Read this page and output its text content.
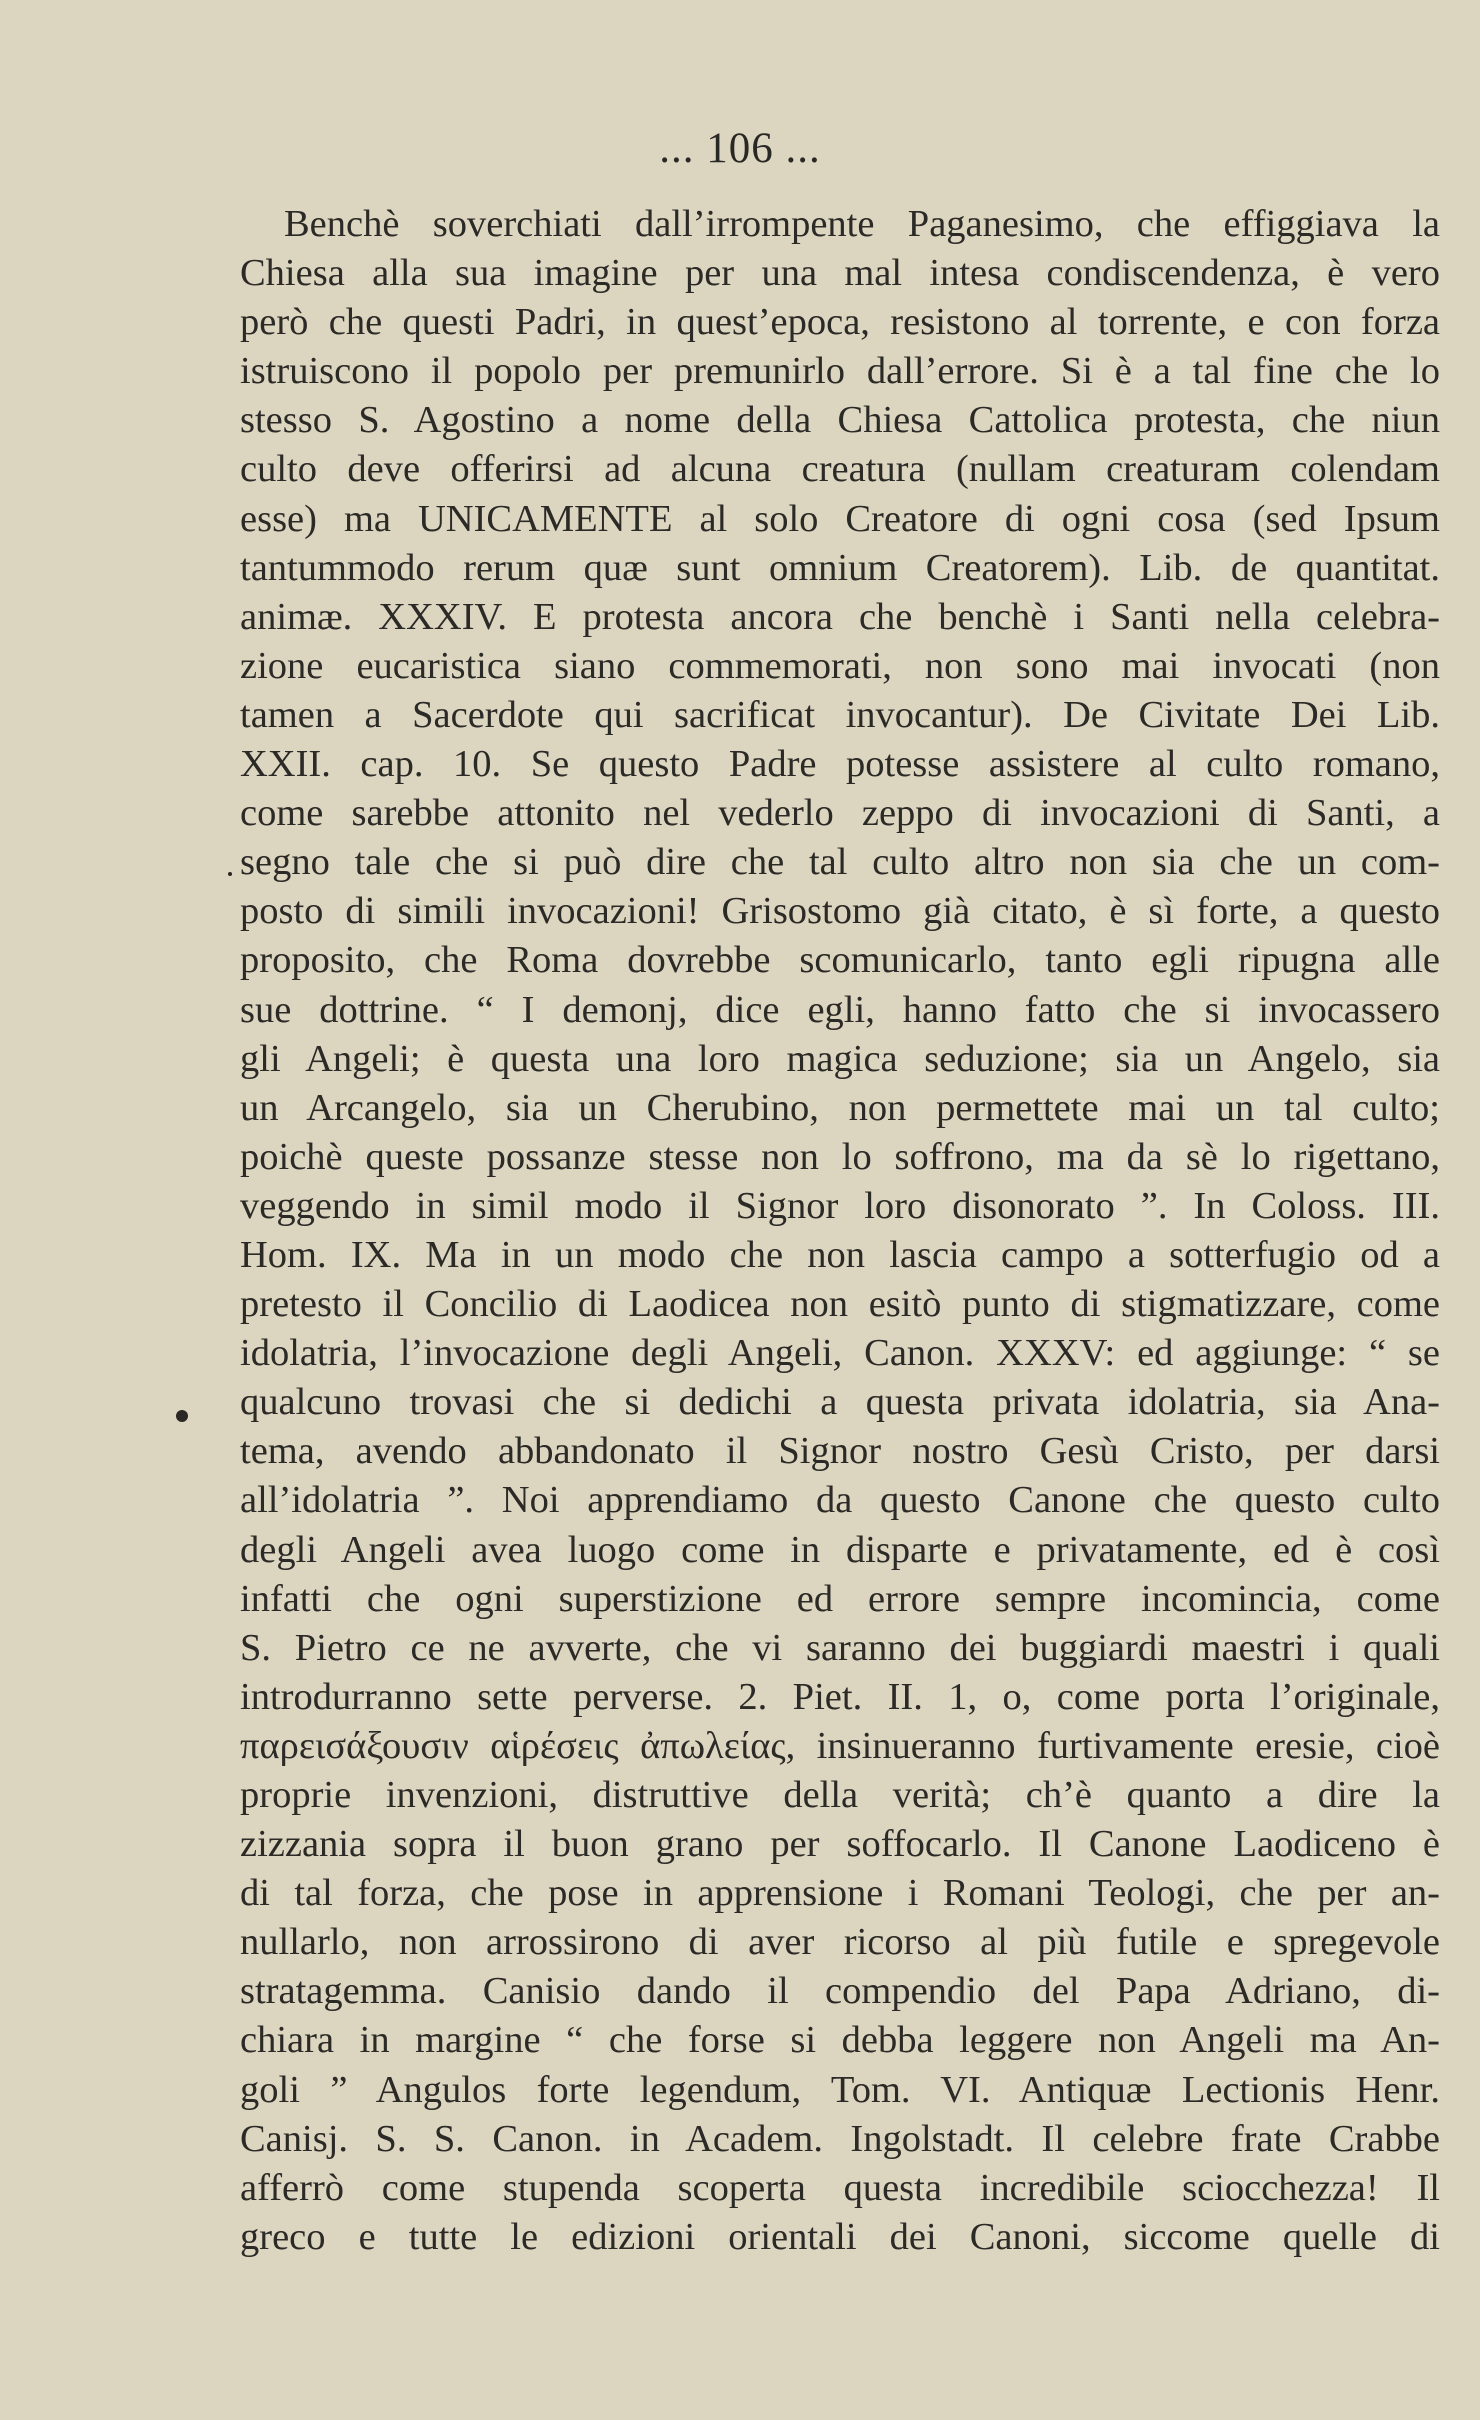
... 106 ...
Benchè soverchiati dall’irrompente Paganesimo, che effiggiava la
Chiesa alla sua imagine per una mal intesa condiscendenza, è vero
però che questi Padri, in quest’epoca, resistono al torrente, e con forza
istruiscono il popolo per premunirlo dall’errore. Si è a tal fine che lo
stesso S. Agostino a nome della Chiesa Cattolica protesta, che niun
culto deve offerirsi ad alcuna creatura (nullam creaturam colendam
esse) ma UNICAMENTE al solo Creatore di ogni cosa (sed Ipsum
tantummodo rerum quæ sunt omnium Creatorem). Lib. de quantitat.
animæ. XXXIV. E protesta ancora che benchè i Santi nella celebra-
zione eucaristica siano commemorati, non sono mai invocati (non
tamen a Sacerdote qui sacrificat invocantur). De Civitate Dei Lib.
XXII. cap. 10. Se questo Padre potesse assistere al culto romano,
come sarebbe attonito nel vederlo zeppo di invocazioni di Santi, a
segno tale che si può dire che tal culto altro non sia che un com-
posto di simili invocazioni! Grisostomo già citato, è sì forte, a questo
proposito, che Roma dovrebbe scomunicarlo, tanto egli ripugna alle
sue dottrine. “ I demonj, dice egli, hanno fatto che si invocassero
gli Angeli; è questa una loro magica seduzione; sia un Angelo, sia
un Arcangelo, sia un Cherubino, non permettete mai un tal culto;
poichè queste possanze stesse non lo soffrono, ma da sè lo rigettano,
veggendo in simil modo il Signor loro disonorato ”. In Coloss. III.
Hom. IX. Ma in un modo che non lascia campo a sotterfugio od a
pretesto il Concilio di Laodicea non esitò punto di stigmatizzare, come
idolatria, l’invocazione degli Angeli, Canon. XXXV: ed aggiunge: “ se
qualcuno trovasi che si dedichi a questa privata idolatria, sia Ana-
tema, avendo abbandonato il Signor nostro Gesù Cristo, per darsi
all’idolatria ”. Noi apprendiamo da questo Canone che questo culto
degli Angeli avea luogo come in disparte e privatamente, ed è così
infatti che ogni superstizione ed errore sempre incomincia, come
S. Pietro ce ne avverte, che vi saranno dei buggiardi maestri i quali
introdurranno sette perverse. 2. Piet. II. 1, o, come porta l’originale,
παρεισάξουσιν αἱρέσεις ἀπωλείας, insinueranno furtivamente eresie, cioè
proprie invenzioni, distruttive della verità; ch’è quanto a dire la
zizzania sopra il buon grano per soffocarlo. Il Canone Laodiceno è
di tal forza, che pose in apprensione i Romani Teologi, che per an-
nullarlo, non arrossirono di aver ricorso al più futile e spregevole
stratagemma. Canisio dando il compendio del Papa Adriano, di-
chiara in margine “ che forse si debba leggere non Angeli ma An-
goli ” Angulos forte legendum, Tom. VI. Antiquæ Lectionis Henr.
Canisj. S. S. Canon. in Academ. Ingolstadt. Il celebre frate Crabbe
afferrò come stupenda scoperta questa incredibile sciocchezza! Il
greco e tutte le edizioni orientali dei Canoni, siccome quelle di
